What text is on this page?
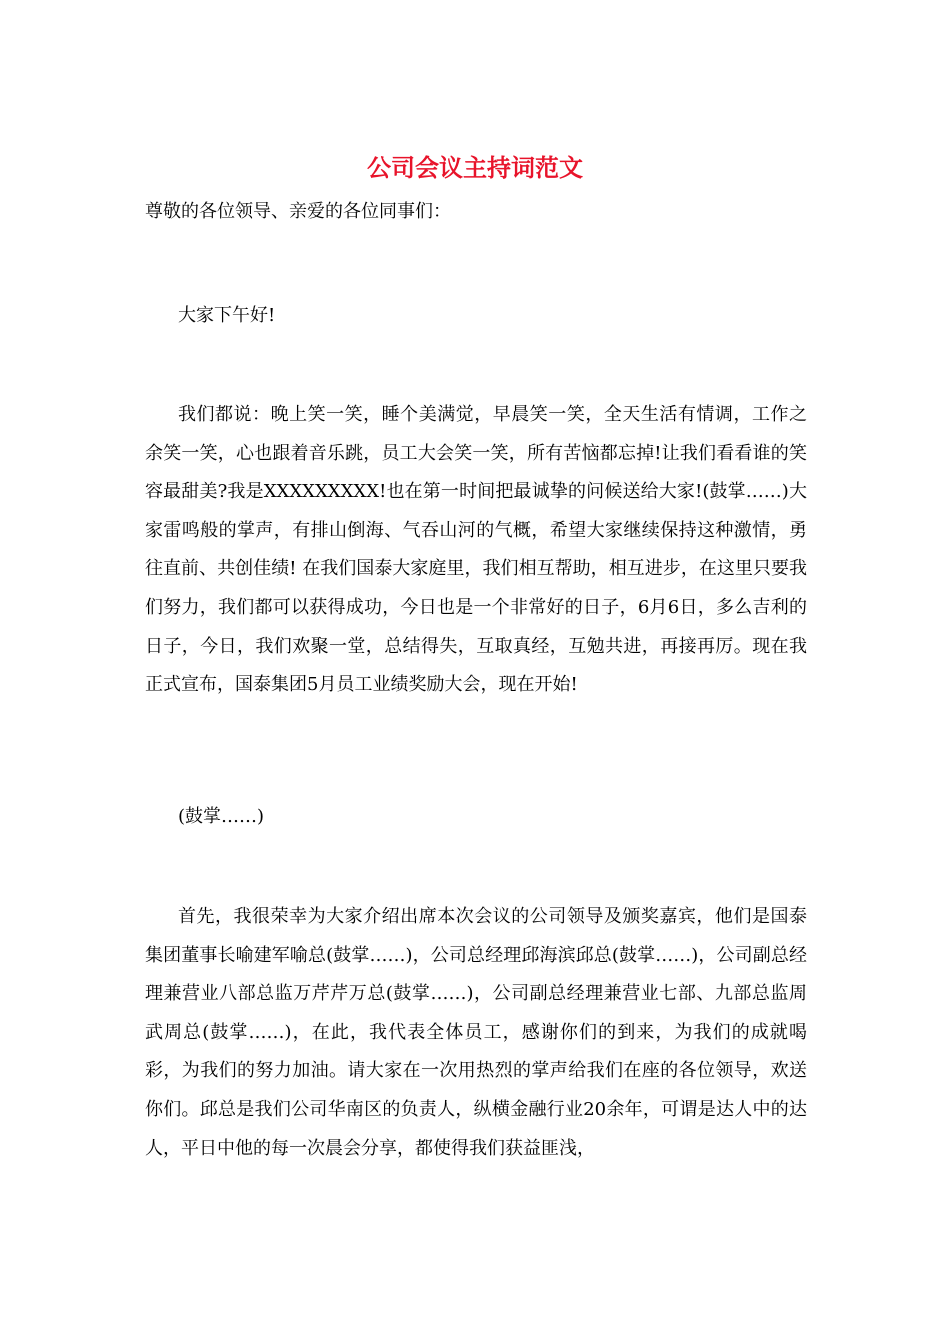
公司会议主持词范文

尊敬的各位领导、亲爱的各位同事们：

大家下午好!

我们都说：晚上笑一笑，睡个美满觉，早晨笑一笑，全天生活有情调，工作之余笑一笑，心也跟着音乐跳，员工大会笑一笑，所有苦恼都忘掉!让我们看看谁的笑容最甜美?我是XXXXXXXXX!也在第一时间把最诚挚的问候送给大家!(鼓掌……)大家雷鸣般的掌声，有排山倒海、气吞山河的气概，希望大家继续保持这种激情，勇往直前、共创佳绩! 在我们国泰大家庭里，我们相互帮助，相互进步，在这里只要我们努力，我们都可以获得成功，今日也是一个非常好的日子，6月6日，多么吉利的日子，今日，我们欢聚一堂，总结得失，互取真经，互勉共进，再接再厉。现在我正式宣布，国泰集团5月员工业绩奖励大会，现在开始!

(鼓掌……)

首先，我很荣幸为大家介绍出席本次会议的公司领导及颁奖嘉宾，他们是国泰集团董事长喻建军喻总(鼓掌……)，公司总经理邱海滨邱总(鼓掌……)，公司副总经理兼营业八部总监万芹芹万总(鼓掌……)，公司副总经理兼营业七部、九部总监周武周总(鼓掌……)，在此，我代表全体员工，感谢你们的到来，为我们的成就喝彩，为我们的努力加油。请大家在一次用热烈的掌声给我们在座的各位领导，欢送你们。邱总是我们公司华南区的负责人，纵横金融行业20余年，可谓是达人中的达人，平日中他的每一次晨会分享，都使得我们获益匪浅，
